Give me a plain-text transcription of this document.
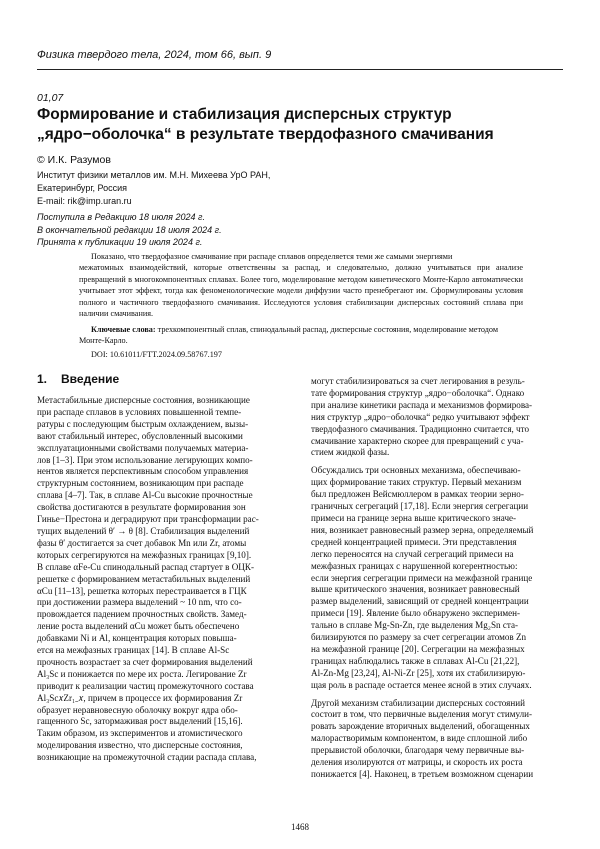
Физика твердого тела, 2024, том 66, вып. 9
01,07
Формирование и стабилизация дисперсных структур
„ядро−оболочка“ в результате твердофазного смачивания
© И.К. Разумов
Институт физики металлов им. М.Н. Михеева УрО РАН,
Екатеринбург, Россия
E-mail: rik@imp.uran.ru
Поступила в Редакцию 18 июля 2024 г.
В окончательной редакции 18 июля 2024 г.
Принята к публикации 19 июля 2024 г.
Показано, что твердофазное смачивание при распаде сплавов определяется теми же самыми энергиями
межатомных взаимодействий, которые ответственны за распад, и следовательно, должно учитываться при анализе превращений в многокомпонентных сплавах. Более того, моделирование методом кинетического Монте-Карло автоматически учитывает этот эффект, тогда как феноменологические модели диффузии часто пренебрегают им. Сформулированы условия полного и частичного твердофазного смачивания. Исследуются условия стабилизации дисперсных состояний сплава при наличии смачивания.
Ключевые слова: трехкомпонентный сплав, спинодальный распад, дисперсные состояния, моделирование методом Монте-Карло.
DOI: 10.61011/FTT.2024.09.58767.197
1. Введение
Метастабильные дисперсные состояния, возникающие
при распаде сплавов в условиях повышенной темпе-
ратуры с последующим быстрым охлаждением, вызы-
вают стабильный интерес, обусловленный высокими
эксплуатационными свойствами получаемых материа-
лов [1–3]. При этом использование легирующих компо-
нентов является перспективным способом управления
структурным состоянием, возникающим при распаде
сплава [4–7]. Так, в сплаве Al-Cu высокие прочностные
свойства достигаются в результате формирования зон
Гинье−Престона и деградируют при трансформации рас-
тущих выделений θ′ → θ [8]. Стабилизация выделений
фазы θ′ достигается за счет добавок Mn или Zr, атомы
которых сегрегируются на межфазных границах [9,10].
В сплаве αFe-Cu спинодальный распад стартует в ОЦК-
решетке с формированием метастабильных выделений
αCu [11–13], решетка которых перестраивается в ГЦК
при достижении размера выделений ~ 10 nm, что со-
провождается падением прочностных свойств. Замед-
ление роста выделений αCu может быть обеспечено
добавками Ni и Al, концентрация которых повыша-
ется на межфазных границах [14]. В сплаве Al-Sc
прочность возрастает за счет формирования выделений
Al₃Sc и понижается по мере их роста. Легирование Zr
приводит к реализации частиц промежуточного состава
Al₃Sc𝑥Zr₁₋𝑥, причем в процессе их формирования Zr
образует неравновесную оболочку вокруг ядра обо-
гащенного Sc, затормаживая рост выделений [15,16].
Таким образом, из экспериментов и атомистического
моделирования известно, что дисперсные состояния,
возникающие на промежуточной стадии распада сплава,
могут стабилизироваться за счет легирования в резуль-
тате формирования структур „ядро−оболочка“. Однако
при анализе кинетики распада и механизмов формирова-
ния структур „ядро−оболочка“ редко учитывают эффект
твердофазного смачивания. Традиционно считается, что
смачивание характерно скорее для превращений с уча-
стием жидкой фазы.
Обсуждались три основных механизма, обеспечиваю-
щих формирование таких структур. Первый механизм
был предложен Вейсмюллером в рамках теории зерно-
граничных сегрегаций [17,18]. Если энергия сегрегации
примеси на границе зерна выше критического значе-
ния, возникает равновесный размер зерна, определяемый
средней концентрацией примеси. Эти представления
легко переносятся на случай сегрегаций примеси на
межфазных границах с нарушенной когерентностью:
если энергия сегрегации примеси на межфазной границе
выше критического значения, возникает равновесный
размер выделений, зависящий от средней концентрации
примеси [19]. Явление было обнаружено эксперимен-
тально в сплаве Mg-Sn-Zn, где выделения Mg₂Sn ста-
билизируются по размеру за счет сегрегации атомов Zn
на межфазной границе [20]. Сегрегации на межфазных
границах наблюдались также в сплавах Al-Cu [21,22],
Al-Zn-Mg [23,24], Al-Ni-Zr [25], хотя их стабилизирую-
щая роль в распаде остается менее ясной в этих случаях.
Другой механизм стабилизации дисперсных состояний
состоит в том, что первичные выделения могут стимули-
ровать зарождение вторичных выделений, обогащенных
малорастворимым компонентом, в виде сплошной либо
прерывистой оболочки, благодаря чему первичные вы-
деления изолируются от матрицы, и скорость их роста
понижается [4]. Наконец, в третьем возможном сценарии
1468
